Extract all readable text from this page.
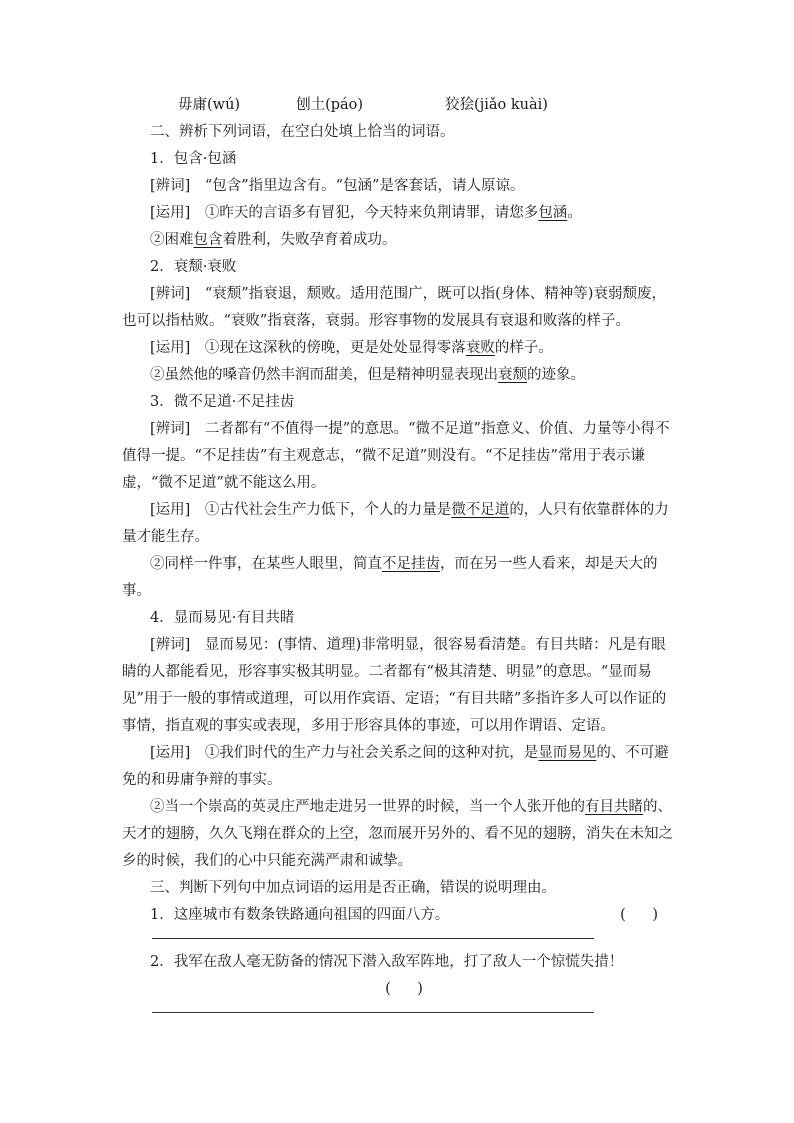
毋庸(wú)	刨土(páo)	狡狯(jiǎo kuài)

二、辨析下列词语，在空白处填上恰当的词语。

1．包含·包涵

[辨词]　“包含”指里边含有。“包涵”是客套话，请人原谅。

[运用]　①昨天的言语多有冒犯，今天特来负荆请罪，请您多包涵。

②困难包含着胜利，失败孕育着成功。

2．衰颓·衰败

[辨词]　“衰颓”指衰退，颓败。适用范围广，既可以指(身体、精神等)衰弱颓废，也可以指枯败。“衰败”指衰落，衰弱。形容事物的发展具有衰退和败落的样子。

[运用]　①现在这深秋的傍晚，更是处处显得零落衰败的样子。

②虽然他的嗓音仍然丰润而甜美，但是精神明显表现出衰颓的迹象。

3．微不足道·不足挂齿

[辨词]　二者都有“不值得一提”的意思。“微不足道”指意义、价值、力量等小得不值得一提。“不足挂齿”有主观意志，“微不足道”则没有。“不足挂齿”常用于表示谦虚，“微不足道”就不能这么用。

[运用]　①古代社会生产力低下，个人的力量是微不足道的，人只有依靠群体的力量才能生存。

②同样一件事，在某些人眼里，简直不足挂齿，而在另一些人看来，却是天大的事。

4．显而易见·有目共睹

[辨词]　显而易见：(事情、道理)非常明显，很容易看清楚。有目共睹：凡是有眼睛的人都能看见，形容事实极其明显。二者都有“极其清楚、明显”的意思。“显而易见”用于一般的事情或道理，可以用作宾语、定语；“有目共睹”多指许多人可以作证的事情，指直观的事实或表现，多用于形容具体的事迹，可以用作谓语、定语。

[运用]　①我们时代的生产力与社会关系之间的这种对抗，是显而易见的、不可避免的和毋庸争辩的事实。

②当一个崇高的英灵庄严地走进另一世界的时候，当一个人张开他的有目共睹的、天才的翅膀，久久飞翔在群众的上空，忽而展开另外的、看不见的翅膀，消失在未知之乡的时候，我们的心中只能充满严肃和诚挚。

三、判断下列句中加点词语的运用是否正确，错误的说明理由。

1．这座城市有数条铁路通向祖国的四面八方。	(　)

2．我军在敌人毫无防备的情况下潜入敌军阵地，打了敌人一个惊慌失措！

(　)
